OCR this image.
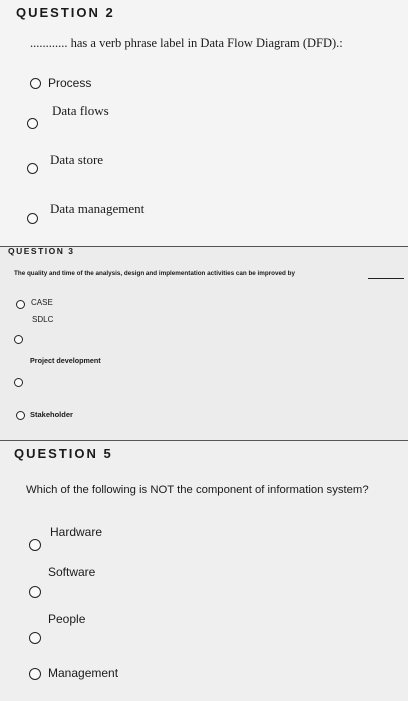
QUESTION 2
............ has a verb phrase label in Data Flow Diagram (DFD).:
Process
Data flows
Data store
Data management
QUESTION 3
The quality and time of the analysis, design and implementation activities can be improved by
CASE
SDLC
Project development
Stakeholder
QUESTION 5
Which of the following is NOT the component of information system?
Hardware
Software
People
Management
